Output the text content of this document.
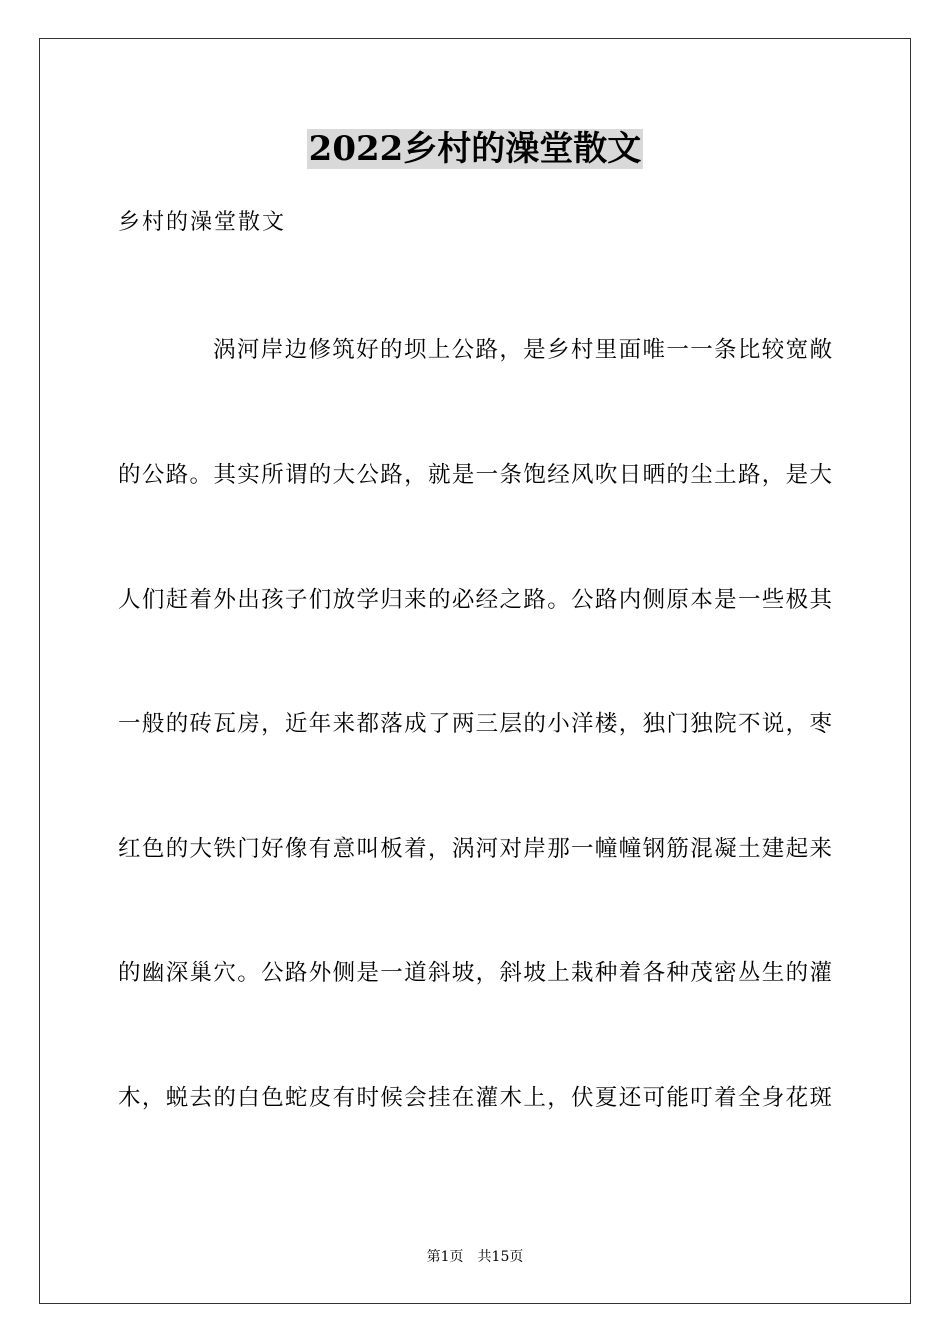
2022乡村的澡堂散文
乡村的澡堂散文
涡河岸边修筑好的坝上公路，是乡村里面唯一一条比较宽敞
的公路。其实所谓的大公路，就是一条饱经风吹日晒的尘土路，是大
人们赶着外出孩子们放学归来的必经之路。公路内侧原本是一些极其
一般的砖瓦房，近年来都落成了两三层的小洋楼，独门独院不说，枣
红色的大铁门好像有意叫板着，涡河对岸那一幢幢钢筋混凝土建起来
的幽深巢穴。公路外侧是一道斜坡，斜坡上栽种着各种茂密丛生的灌
木，蜕去的白色蛇皮有时候会挂在灌木上，伏夏还可能叮着全身花斑
第1页　共15页
